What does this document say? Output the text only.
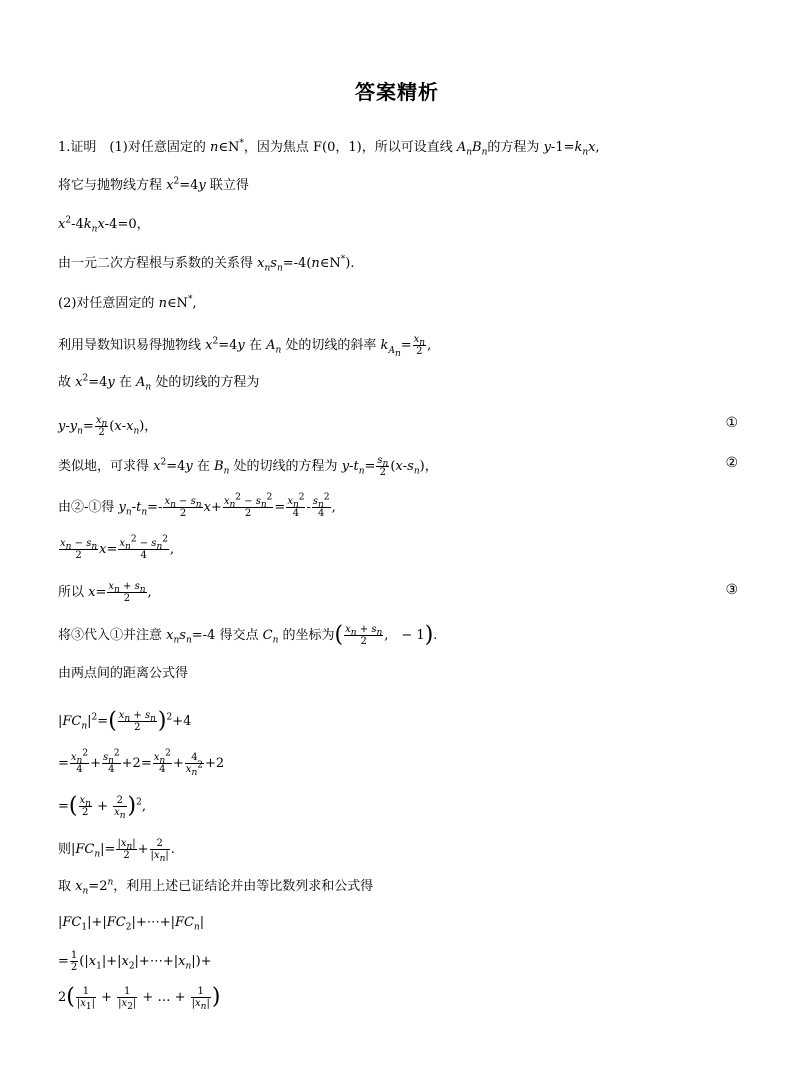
答案精析
1.证明　(1)对任意固定的 n∈N*，因为焦点 F(0，1)，所以可设直线 $A_nB_n$的方程为 $y-1=k_nx$,
将它与抛物线方程 $x^2=4y$ 联立得
$x^2-4k_nx-4=0$，
由一元二次方程根与系数的关系得 $x_ns_n=-4(n\in N^*)$.
(2)对任意固定的 n∈N*,
利用导数知识易得抛物线 $x^2=4y$ 在 $A_n$ 处的切线的斜率 $k_{A_n}= \frac{x_n}{2}$ ,
故 $x^2=4y$ 在 $A_n$ 处的切线的方程为
$y-y_n= \frac{x_n}{2} (x-x_n)$，	①
类似地，可求得 $x^2=4y$ 在 $B_n$ 处的切线的方程为 $y-t_n= \frac{s_n}{2} (x-s_n)$，	②
由②-①得 $y_n-t_n=- \frac{x_n - s_n}{2} x+ \frac{x_n^2 - s_n^2}{2} = \frac{x_n^2}{4} - \frac{s_n^2}{4}$ ,
$\frac{x_n - s_n}{2} x= \frac{x_n^2 - s_n^2}{4}$ ,
所以 $x= \frac{x_n + s_n}{2}$ ,	③
将③代入①并注意 $x_ns_n=-4$ 得交点 $C_n$ 的坐标为( $\frac{x_n + s_n}{2}$ ,　− 1).
由两点间的距离公式得
$|FC_n|^2=( \frac{x_n + s_n}{2} )^2+4$
= $\frac{x_n^2}{4} + \frac{s_n^2}{4} +2= \frac{x_n^2}{4} + \frac{4}{x_n^2} +2$
=( $\frac{x_n}{2} + \frac{2}{x_n} )^2$,
则$|FC_n|= \frac{|x_n|}{2} + \frac{2}{|x_n|}$ .
取 $x_n=2^n$，利用上述已证结论并由等比数列求和公式得
$|FC_1|+|FC_2|+\cdots+|FC_n|$
= $\frac{1}{2}$ $(|x_1|+|x_2|+\cdots+|x_n|)+$
$2( \frac{1}{|x_1|} + \frac{1}{|x_2|}$ + … + $\frac{1}{|x_n|}$ )
